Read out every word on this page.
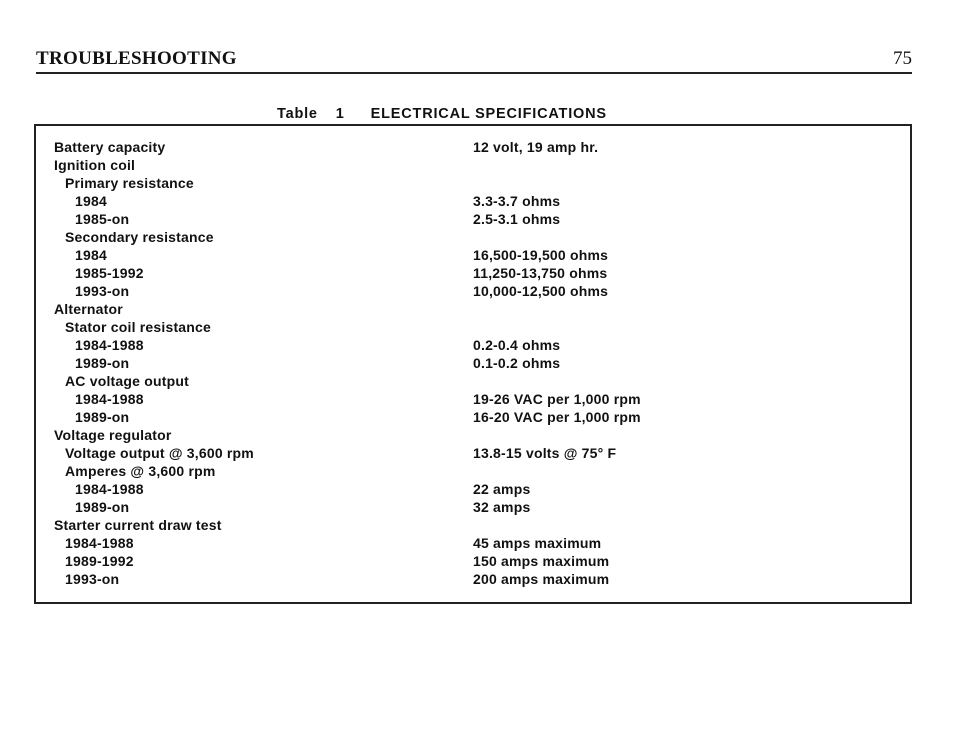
TROUBLESHOOTING	75
Table 1 ELECTRICAL SPECIFICATIONS
Battery capacity	12 volt, 19 amp hr.
Ignition coil
Primary resistance
1984	3.3-3.7 ohms
1985-on	2.5-3.1 ohms
Secondary resistance
1984	16,500-19,500 ohms
1985-1992	11,250-13,750 ohms
1993-on	10,000-12,500 ohms
Alternator
Stator coil resistance
1984-1988	0.2-0.4 ohms
1989-on	0.1-0.2 ohms
AC voltage output
1984-1988	19-26 VAC per 1,000 rpm
1989-on	16-20 VAC per 1,000 rpm
Voltage regulator
Voltage output @ 3,600 rpm	13.8-15 volts @ 75° F
Amperes @ 3,600 rpm
1984-1988	22 amps
1989-on	32 amps
Starter current draw test
1984-1988	45 amps maximum
1989-1992	150 amps maximum
1993-on	200 amps maximum
